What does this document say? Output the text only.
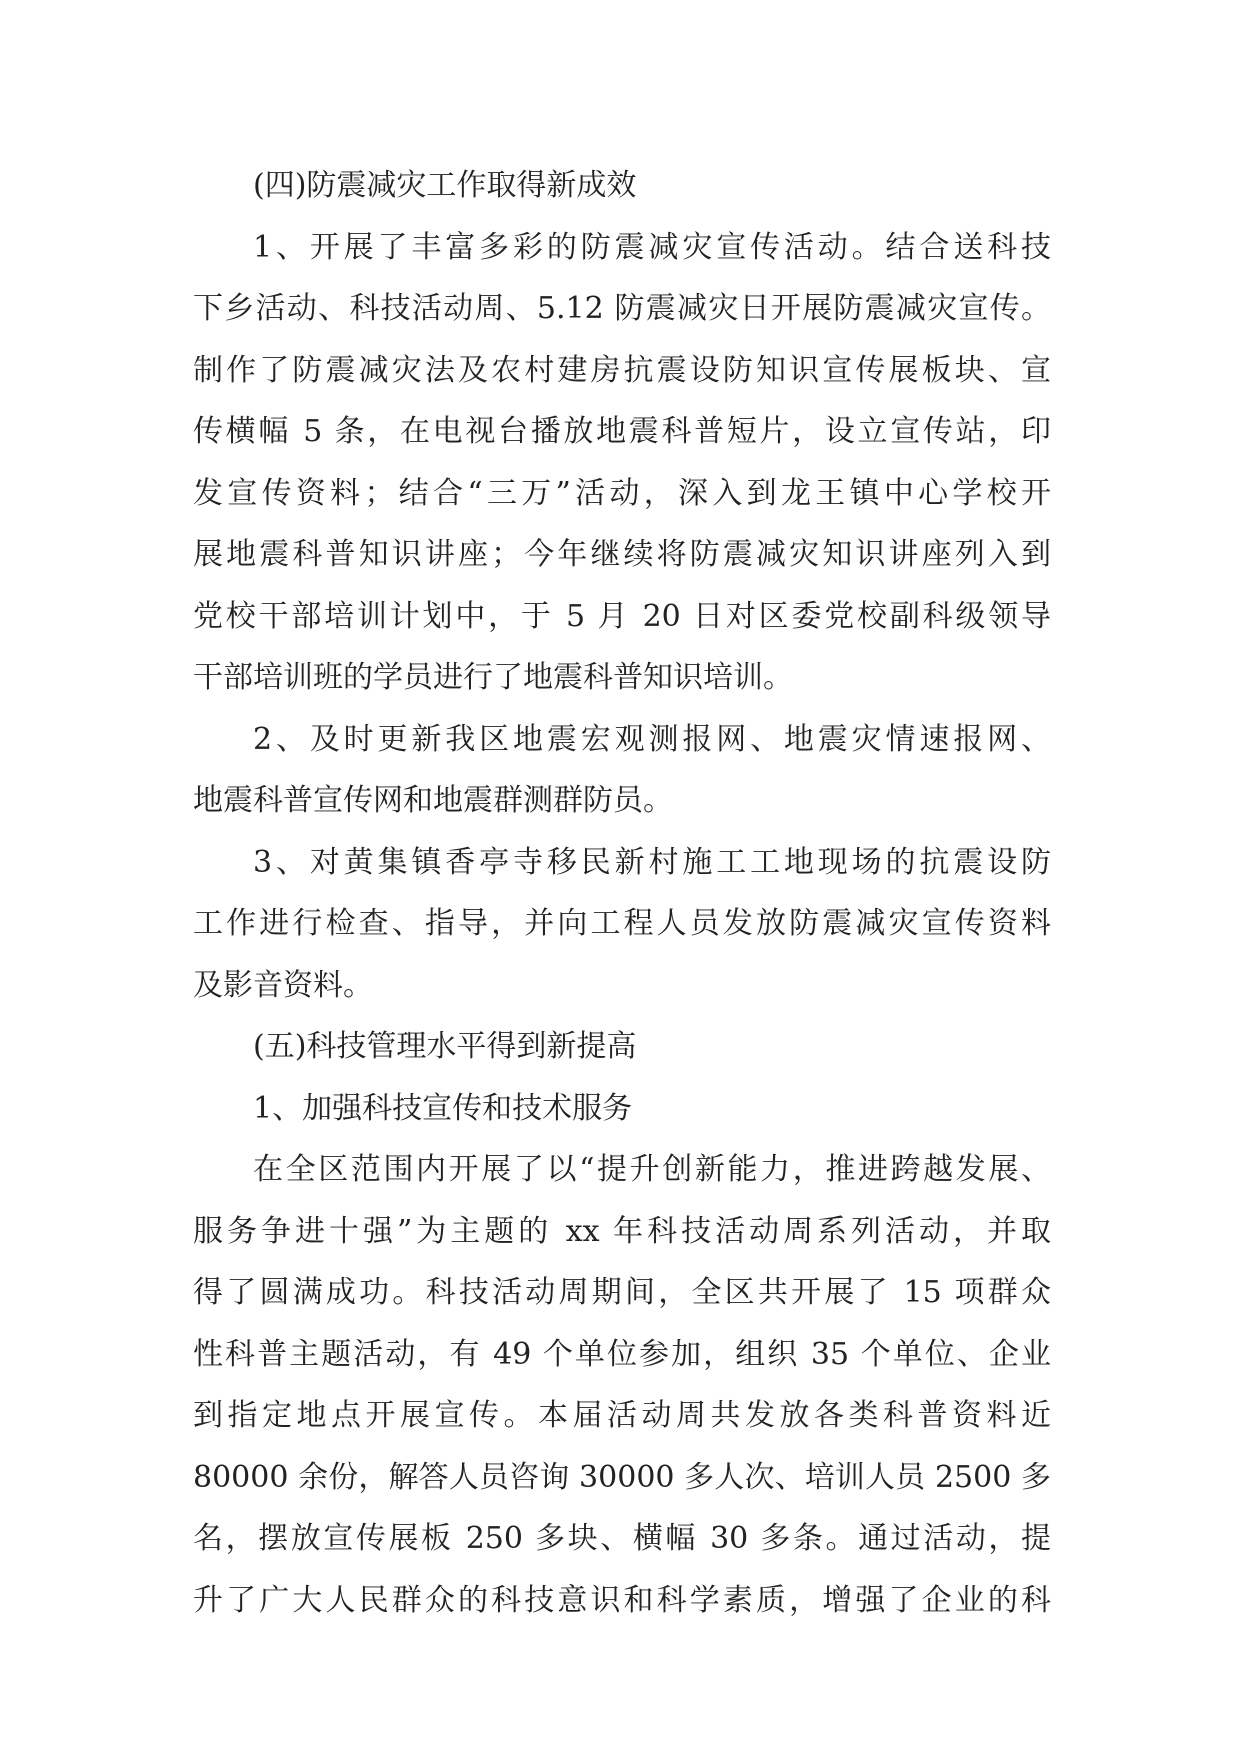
(四)防震减灾工作取得新成效
1、开展了丰富多彩的防震减灾宣传活动。结合送科技
下乡活动、科技活动周、5.12 防震减灾日开展防震减灾宣传。
制作了防震减灾法及农村建房抗震设防知识宣传展板块、宣
传横幅 5 条，在电视台播放地震科普短片，设立宣传站，印
发宣传资料；结合“三万”活动，深入到龙王镇中心学校开
展地震科普知识讲座；今年继续将防震减灾知识讲座列入到
党校干部培训计划中，于 5 月 20 日对区委党校副科级领导
干部培训班的学员进行了地震科普知识培训。
2、及时更新我区地震宏观测报网、地震灾情速报网、
地震科普宣传网和地震群测群防员。
3、对黄集镇香亭寺移民新村施工工地现场的抗震设防
工作进行检查、指导，并向工程人员发放防震减灾宣传资料
及影音资料。
(五)科技管理水平得到新提高
1、加强科技宣传和技术服务
在全区范围内开展了以“提升创新能力，推进跨越发展、
服务争进十强”为主题的 xx 年科技活动周系列活动，并取
得了圆满成功。科技活动周期间，全区共开展了 15 项群众
性科普主题活动，有 49 个单位参加，组织 35 个单位、企业
到指定地点开展宣传。本届活动周共发放各类科普资料近
80000 余份，解答人员咨询 30000 多人次、培训人员 2500 多
名，摆放宣传展板 250 多块、横幅 30 多条。通过活动，提
升了广大人民群众的科技意识和科学素质，增强了企业的科
